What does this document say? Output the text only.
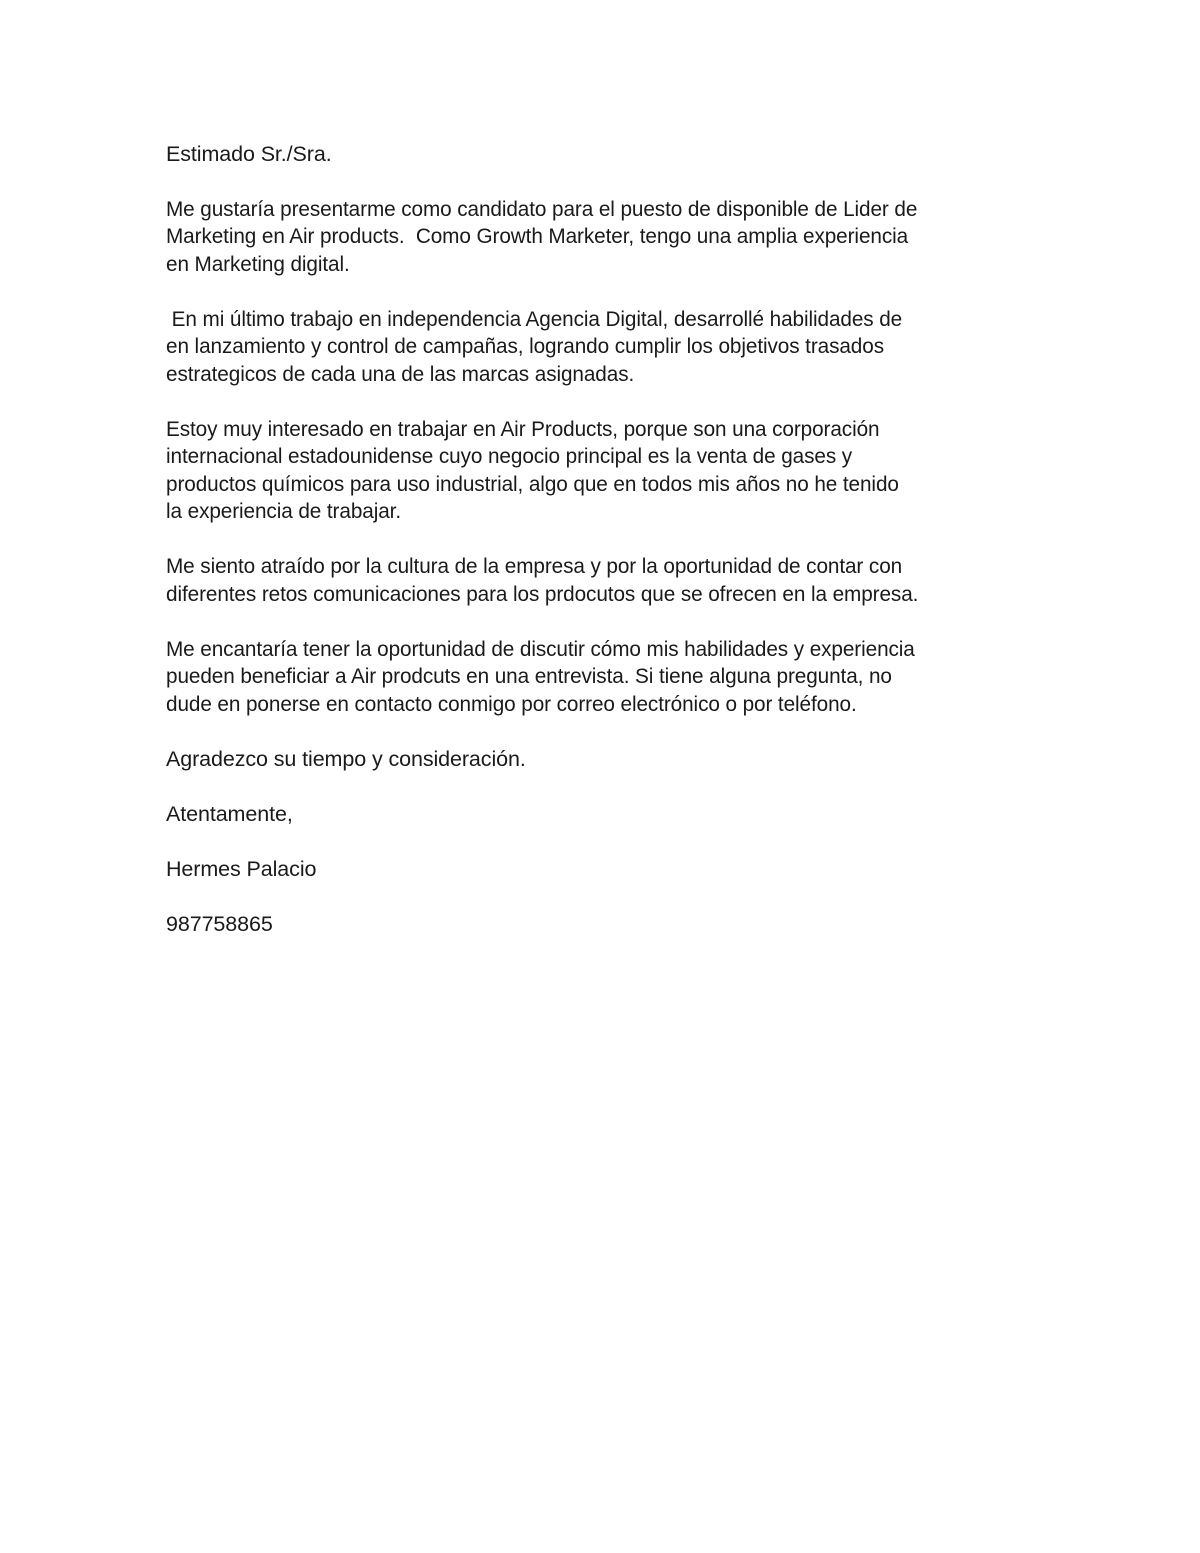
Estimado Sr./Sra.
Me gustaría presentarme como candidato para el puesto de disponible de Lider de
Marketing en Air products.  Como Growth Marketer, tengo una amplia experiencia
en Marketing digital.
En mi último trabajo en independencia Agencia Digital, desarrollé habilidades de
en lanzamiento y control de campañas, logrando cumplir los objetivos trasados
estrategicos de cada una de las marcas asignadas.
Estoy muy interesado en trabajar en Air Products, porque son una corporación
internacional estadounidense cuyo negocio principal es la venta de gases y
productos químicos para uso industrial, algo que en todos mis años no he tenido
la experiencia de trabajar.
Me siento atraído por la cultura de la empresa y por la oportunidad de contar con
diferentes retos comunicaciones para los prdocutos que se ofrecen en la empresa.
Me encantaría tener la oportunidad de discutir cómo mis habilidades y experiencia
pueden beneficiar a Air prodcuts en una entrevista. Si tiene alguna pregunta, no
dude en ponerse en contacto conmigo por correo electrónico o por teléfono.
Agradezco su tiempo y consideración.
Atentamente,
Hermes Palacio
987758865
